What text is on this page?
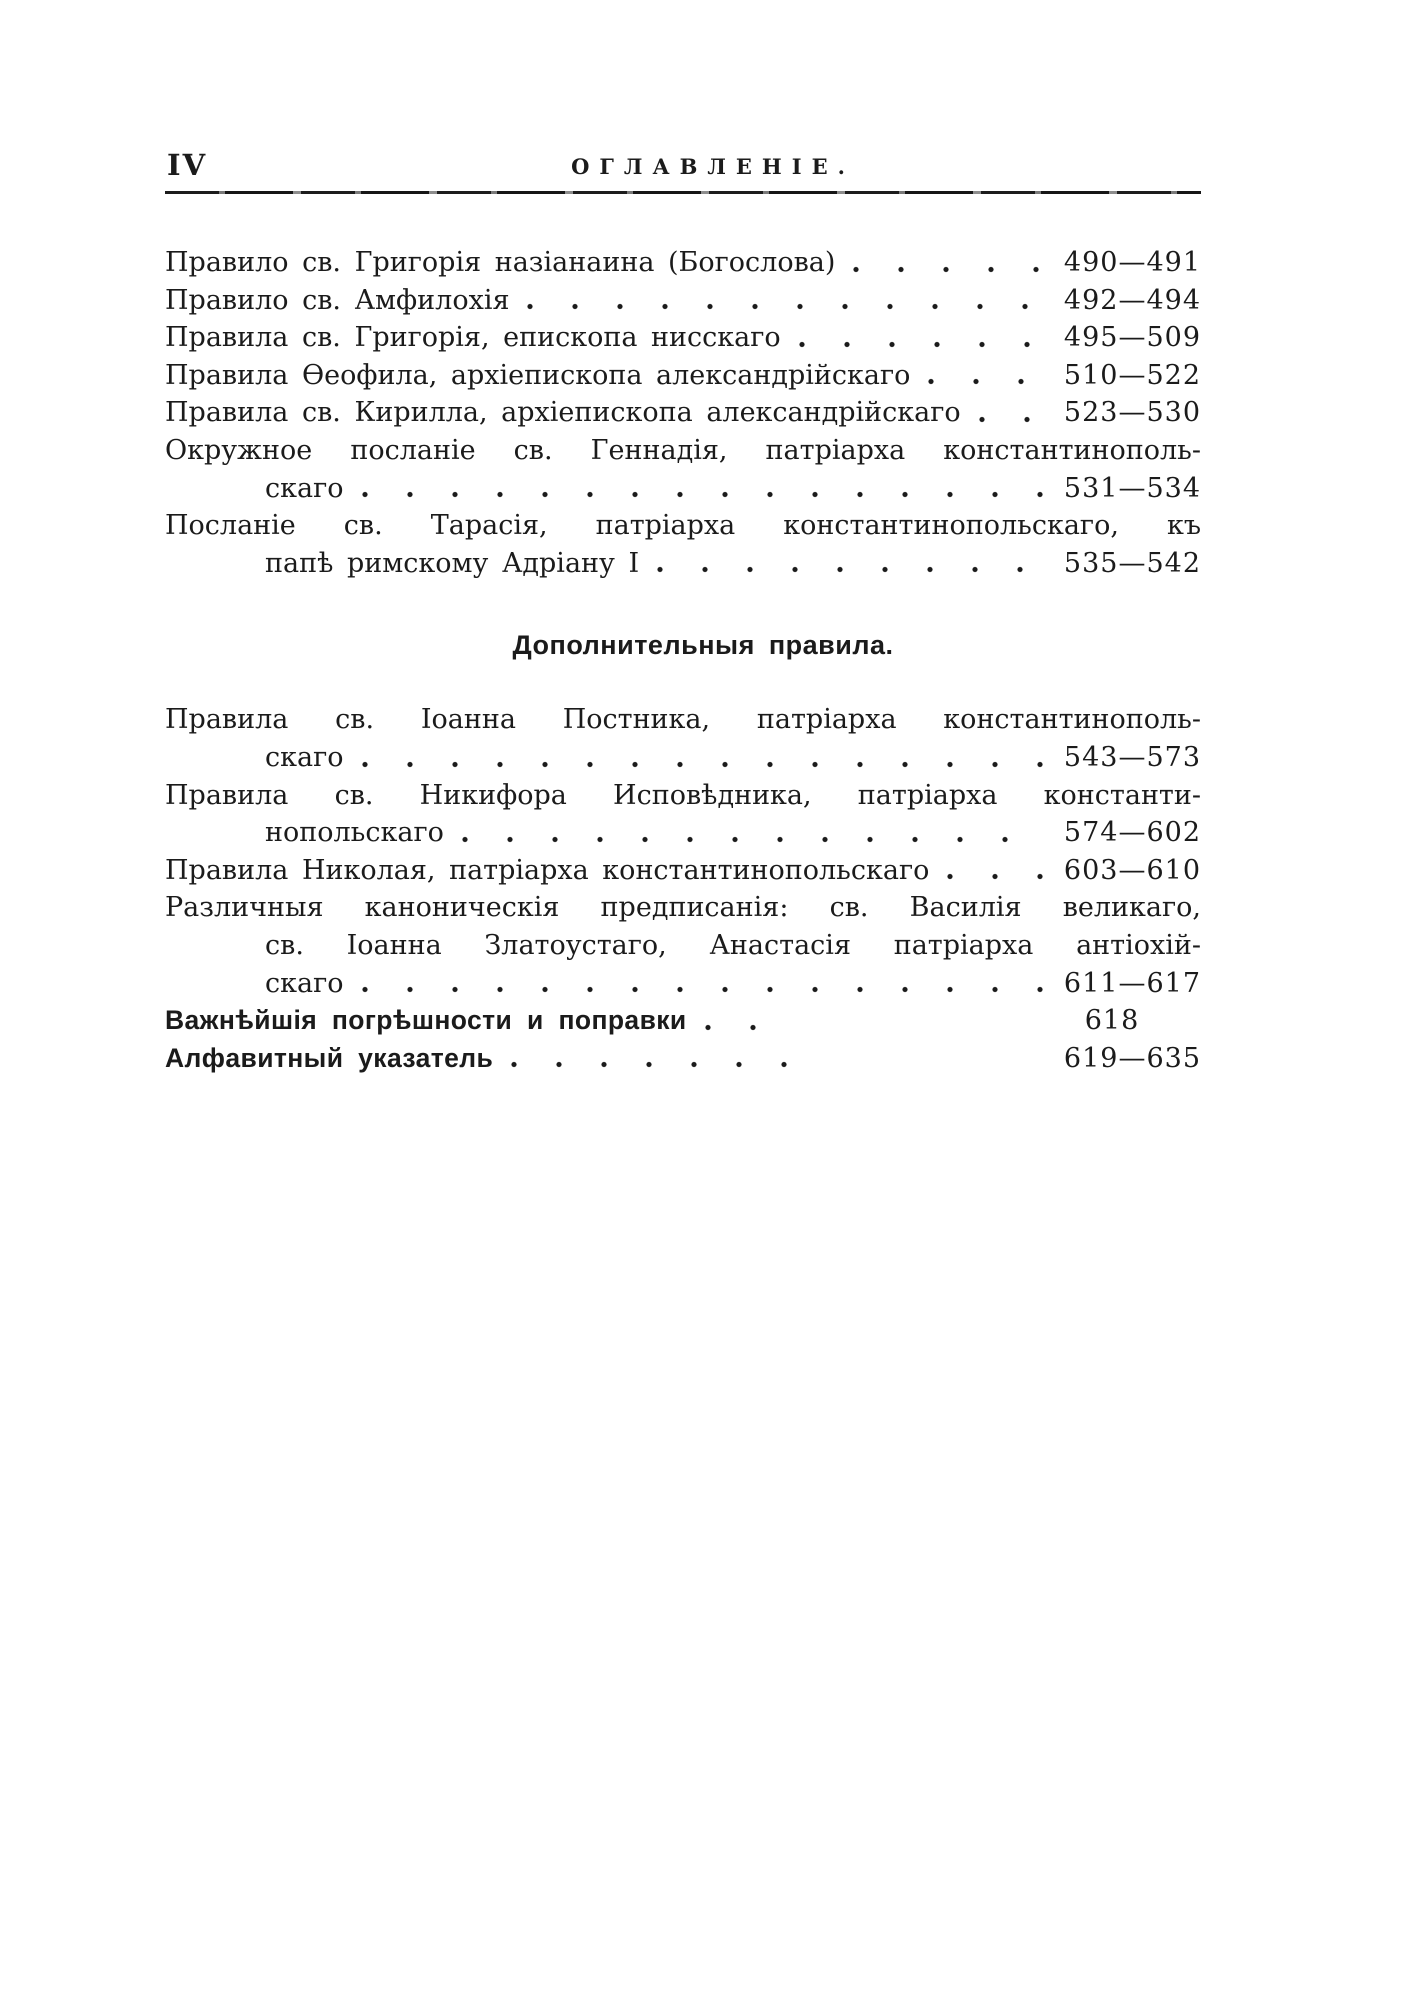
IV	ОГЛАВЛЕНІЕ.
Правило св. Григорія назіанаина (Богослова)	490—491
Правило св. Амфилохія	492—494
Правила св. Григорія, епископа нисскаго	495—509
Правила Ѳеофила, архіепископа александрійскаго	510—522
Правила св. Кирилла, архіепископа александрійскаго	523—530
Окружное посланіе св. Геннадія, патріарха константинополь-
скаго	531—534
Посланіе св. Тарасія, патріарха константинопольскаго, къ
папѣ римскому Адріану I	535—542
Дополнительныя правила.
Правила св. Іоанна Постника, патріарха константинополь-
скаго	543—573
Правила св. Никифора Исповѣдника, патріарха константи-
нопольскаго	574—602
Правила Николая, патріарха константинопольскаго	603—610
Различныя каноническія предписанія: св. Василія великаго,
св. Іоанна Златоустаго, Анастасія патріарха антіохій-
скаго	611—617
Важнѣйшія погрѣшности и поправки	618
Алфавитный указатель	619—635
